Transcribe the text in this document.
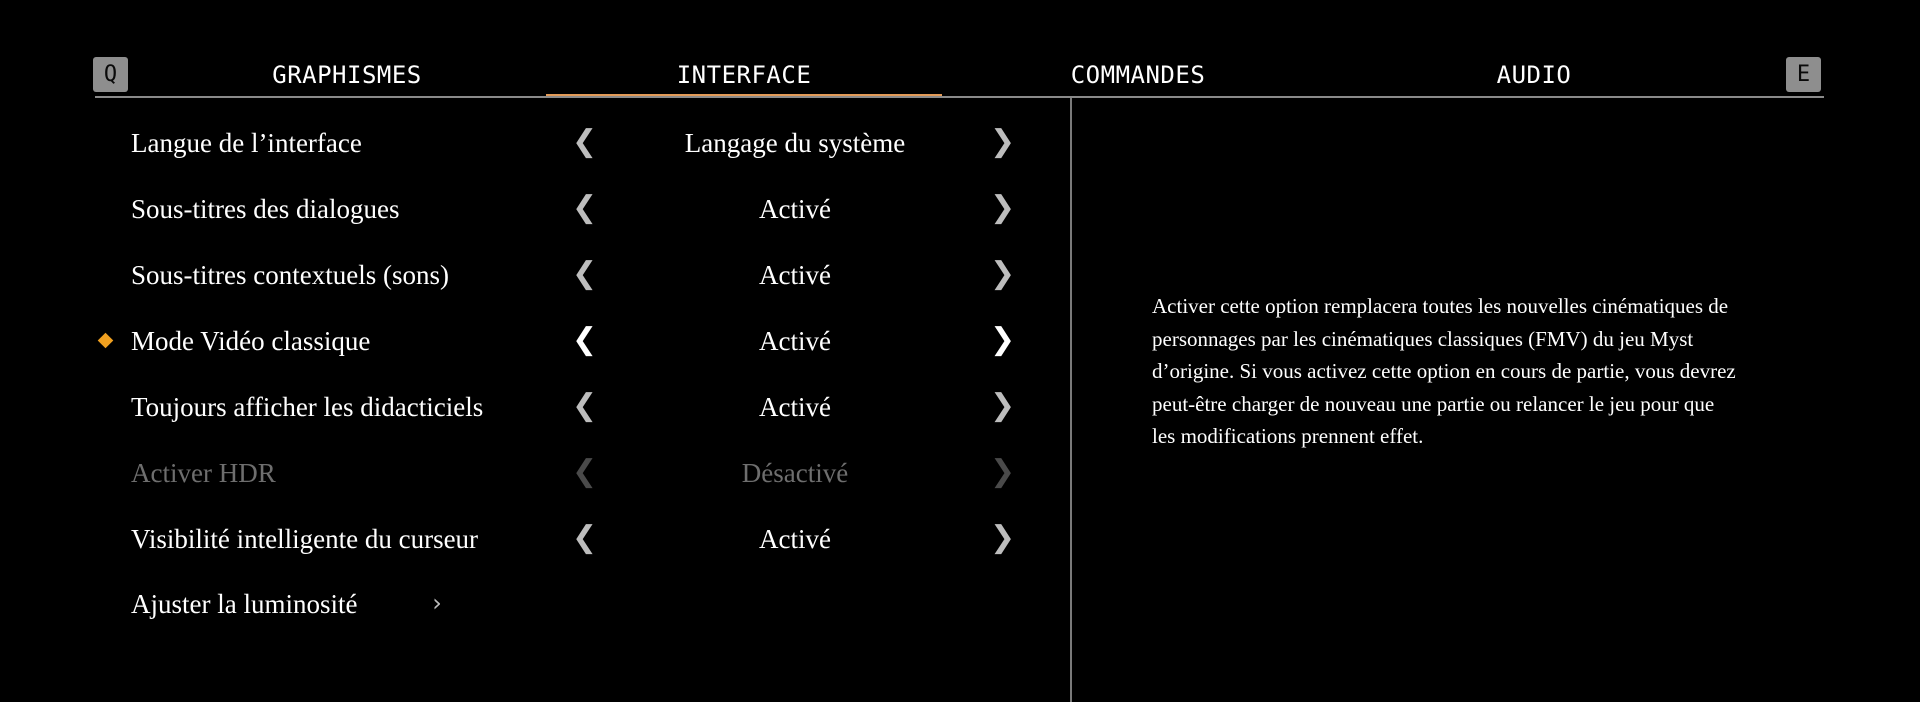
Q	GRAPHISMES	INTERFACE	COMMANDES	AUDIO	E
Langue de l’interface	❮	Langage du système	❯
Sous-titres des dialogues	❮	Activé	❯
Sous-titres contextuels (sons)	❮	Activé	❯
Mode Vidéo classique	❮	Activé	❯
Toujours afficher les didacticiels	❮	Activé	❯
Activer HDR	❮	Désactivé	❯
Visibilité intelligente du curseur	❮	Activé	❯
Ajuster la luminosité	›
Activer cette option remplacera toutes les nouvelles cinématiques de personnages par les cinématiques classiques (FMV) du jeu Myst d’origine. Si vous activez cette option en cours de partie, vous devrez peut-être charger de nouveau une partie ou relancer le jeu pour que les modifications prennent effet.
